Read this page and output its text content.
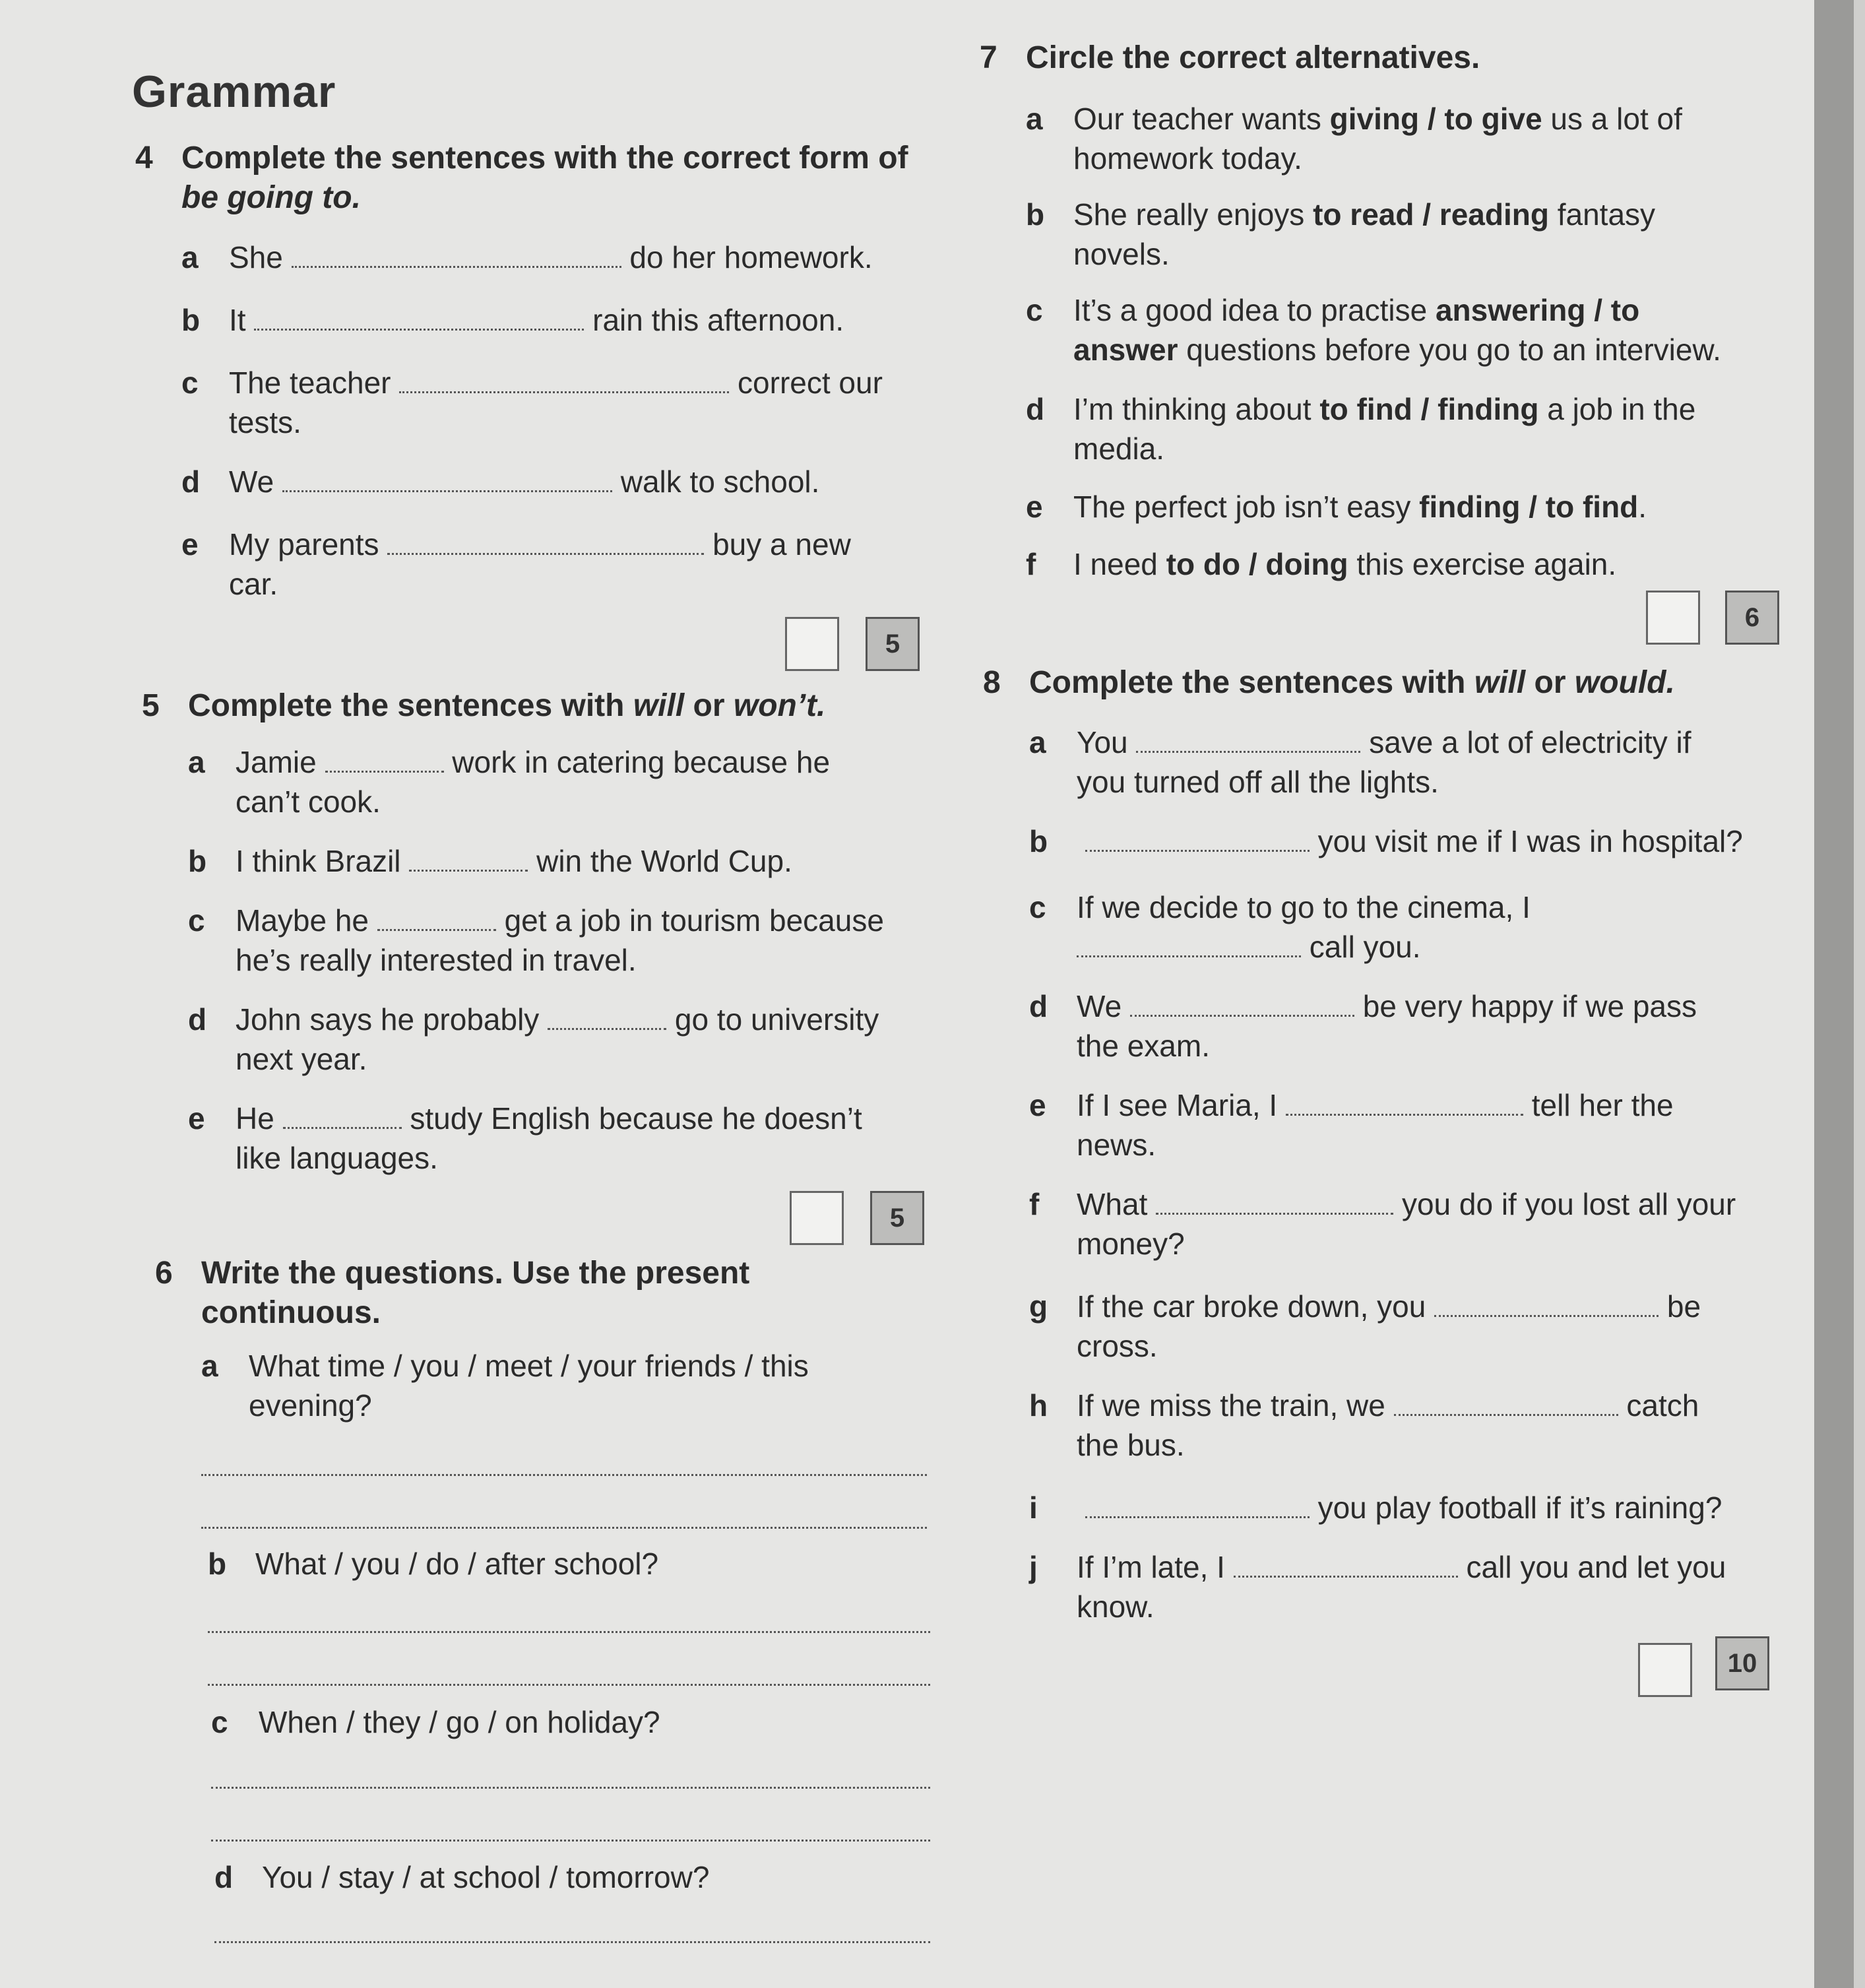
Grammar
4 Complete the sentences with the correct form of
be going to.
a She	do her homework.
b It	rain this afternoon.
c The teacher	correct our
tests.
d We	walk to school.
e My parents	buy a new
car.
5
5 Complete the sentences with will or won’t.
a Jamie	work in catering because he
can’t cook.
b I think Brazil	win the World Cup.
c Maybe he	get a job in tourism because
he’s really interested in travel.
d John says he probably	go to university
next year.
e He	study English because he doesn’t
like languages.
5
6 Write the questions. Use the present
continuous.
a What time / you / meet / your friends / this
evening?
b What / you / do / after school?
c When / they / go / on holiday?
d You / stay / at school / tomorrow?
7 Circle the correct alternatives.
a Our teacher wants giving / to give us a lot of
homework today.
b She really enjoys to read / reading fantasy
novels.
c It’s a good idea to practise answering / to
answer questions before you go to an interview.
d I’m thinking about to find / finding a job in the
media.
e The perfect job isn’t easy finding / to find.
f I need to do / doing this exercise again.
6
8 Complete the sentences with will or would.
a You	save a lot of electricity if
you turned off all the lights.
b	you visit me if I was in hospital?
c If we decide to go to the cinema, I
call you.
d We	be very happy if we pass
the exam.
e If I see Maria, I	tell her the
news.
f What	you do if you lost all your
money?
g If the car broke down, you	be
cross.
h If we miss the train, we	catch
the bus.
i	you play football if it’s raining?
j If I’m late, I	call you and let you
know.
10
